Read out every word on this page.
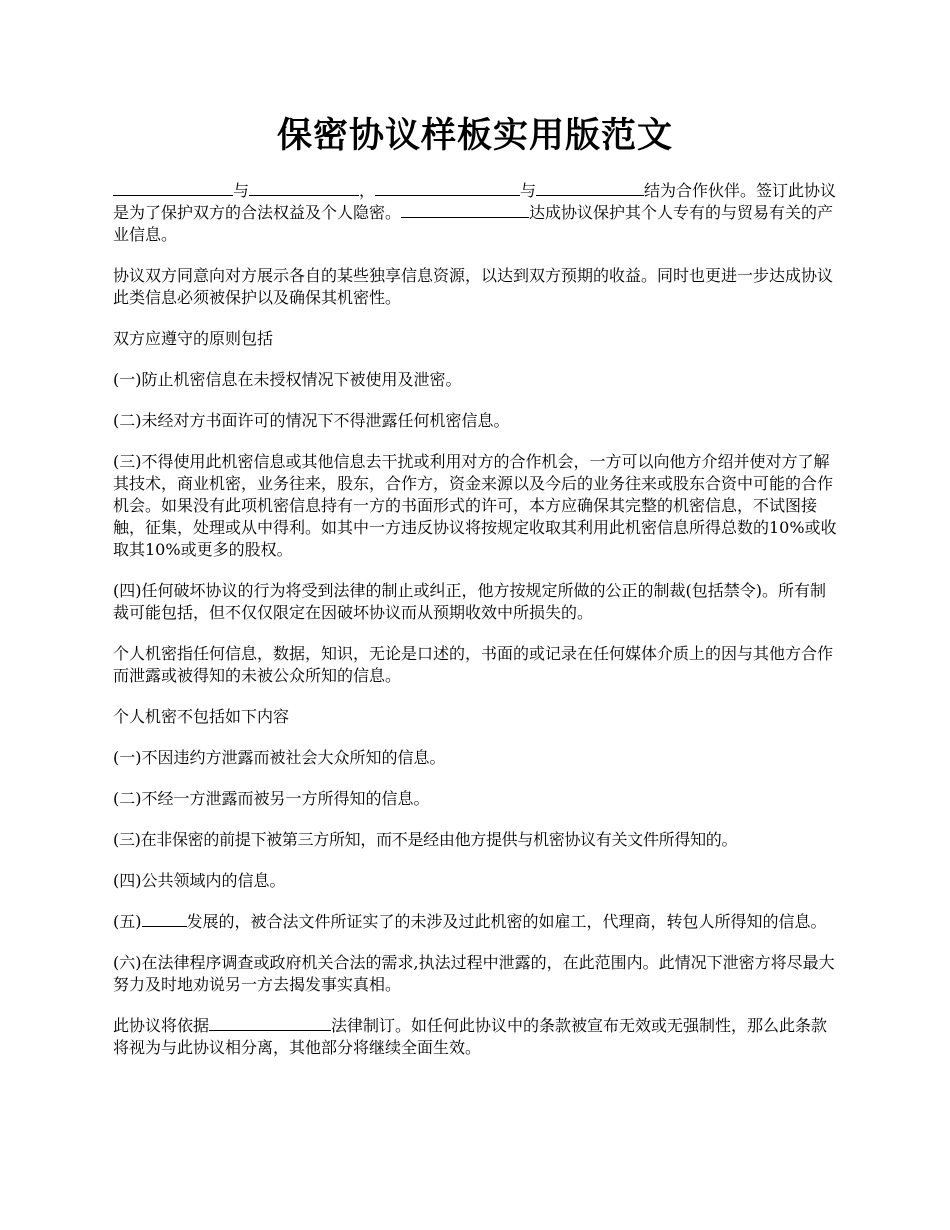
保密协议样板实用版范文

与	，	与	结为合作伙伴。签订此协议是为了保护双方的合法权益及个人隐密。	达成协议保护其个人专有的与贸易有关的产业信息。

协议双方同意向对方展示各自的某些独享信息资源，以达到双方预期的收益。同时也更进一步达成协议此类信息必须被保护以及确保其机密性。

双方应遵守的原则包括

(一)防止机密信息在未授权情况下被使用及泄密。

(二)未经对方书面许可的情况下不得泄露任何机密信息。

(三)不得使用此机密信息或其他信息去干扰或利用对方的合作机会，一方可以向他方介绍并使对方了解其技术，商业机密，业务往来，股东，合作方，资金来源以及今后的业务往来或股东合资中可能的合作机会。如果没有此项机密信息持有一方的书面形式的许可，本方应确保其完整的机密信息，不试图接触，征集，处理或从中得利。如其中一方违反协议将按规定收取其利用此机密信息所得总数的10%或收取其10%或更多的股权。

(四)任何破坏协议的行为将受到法律的制止或纠正，他方按规定所做的公正的制裁(包括禁令)。所有制裁可能包括，但不仅仅限定在因破坏协议而从预期收效中所损失的。

个人机密指任何信息，数据，知识，无论是口述的，书面的或记录在任何媒体介质上的因与其他方合作而泄露或被得知的未被公众所知的信息。

个人机密不包括如下内容

(一)不因违约方泄露而被社会大众所知的信息。

(二)不经一方泄露而被另一方所得知的信息。

(三)在非保密的前提下被第三方所知，而不是经由他方提供与机密协议有关文件所得知的。

(四)公共领域内的信息。

(五)	发展的，被合法文件所证实了的未涉及过此机密的如雇工，代理商，转包人所得知的信息。

(六)在法律程序调查或政府机关合法的需求,执法过程中泄露的，在此范围内。此情况下泄密方将尽最大努力及时地劝说另一方去揭发事实真相。

此协议将依据	法律制订。如任何此协议中的条款被宣布无效或无强制性，那么此条款将视为与此协议相分离，其他部分将继续全面生效。
